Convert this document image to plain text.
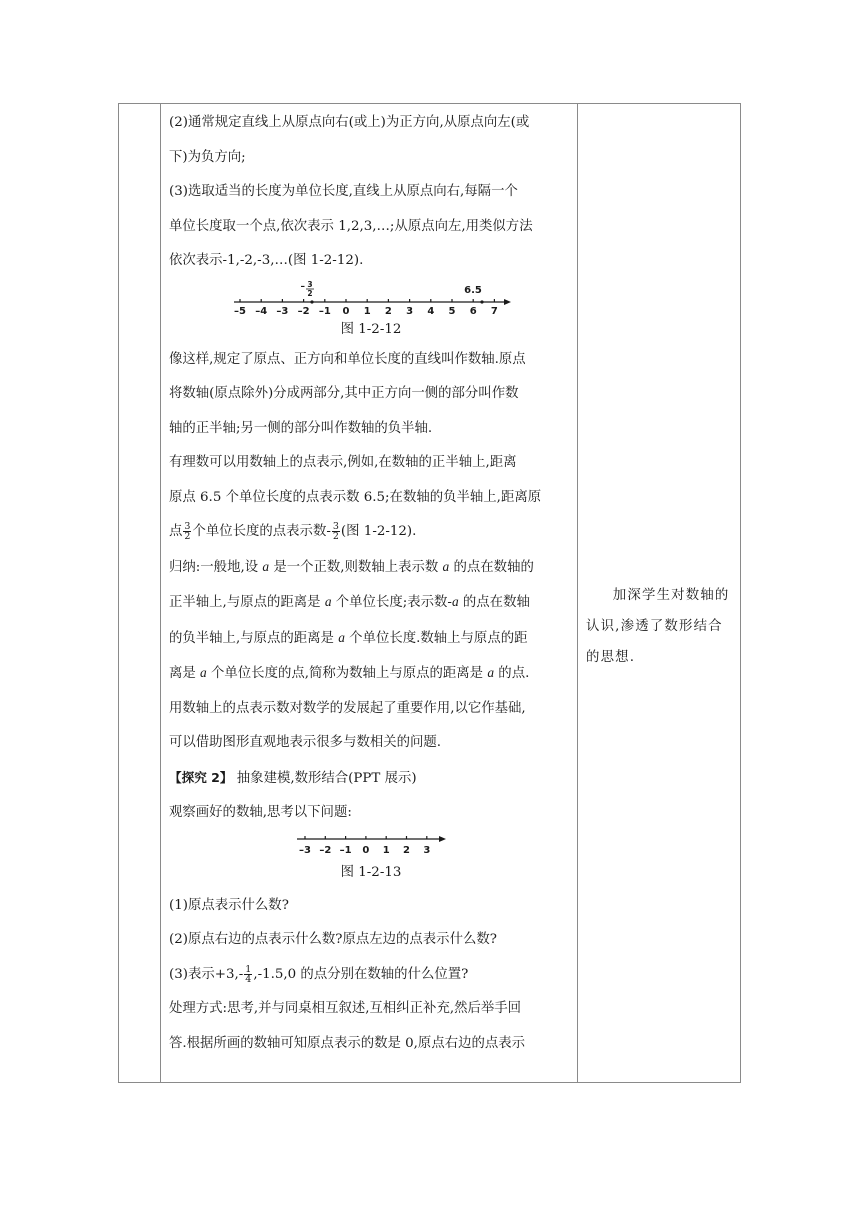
(2)通常规定直线上从原点向右(或上)为正方向,从原点向左(或

下)为负方向;

(3)选取适当的长度为单位长度,直线上从原点向右,每隔一个

单位长度取一个点,依次表示 1,2,3,…;从原点向左,用类似方法

依次表示-1,-2,-3,…(图 1-2-12).

–5 –4 –3 –2 –1 0 1 2 3 4 5 6 7
6.5
– 3
2

图 1-2-12

像这样,规定了原点、正方向和单位长度的直线叫作数轴.原点

将数轴(原点除外)分成两部分,其中正方向一侧的部分叫作数

轴的正半轴;另一侧的部分叫作数轴的负半轴.

有理数可以用数轴上的点表示,例如,在数轴的正半轴上,距离

原点 6.5 个单位长度的点表示数 6.5;在数轴的负半轴上,距离原

点 $\frac{3}{2}$ 个单位长度的点表示数- $\frac{3}{2}$ (图 1-2-12).

归纳:一般地,设 a 是一个正数,则数轴上表示数 a 的点在数轴的

正半轴上,与原点的距离是 a 个单位长度;表示数-a 的点在数轴

的负半轴上,与原点的距离是 a 个单位长度.数轴上与原点的距

离是 a 个单位长度的点,简称为数轴上与原点的距离是 a 的点.

用数轴上的点表示数对数学的发展起了重要作用,以它作基础,

可以借助图形直观地表示很多与数相关的问题.

【探究 2】 抽象建模,数形结合(PPT 展示)

观察画好的数轴,思考以下问题:

–3 –2 –1 0 1 2 3

图 1-2-13

(1)原点表示什么数?

(2)原点右边的点表示什么数?原点左边的点表示什么数?

(3)表示$+3,- \frac{1}{4} ,-1.5,0$ 的点分别在数轴的什么位置?

处理方式:思考,并与同桌相互叙述,互相纠正补充,然后举手回

答.根据所画的数轴可知原点表示的数是 0,原点右边的点表示

加深学生对数轴的认识,渗透了数形结合的思想.
